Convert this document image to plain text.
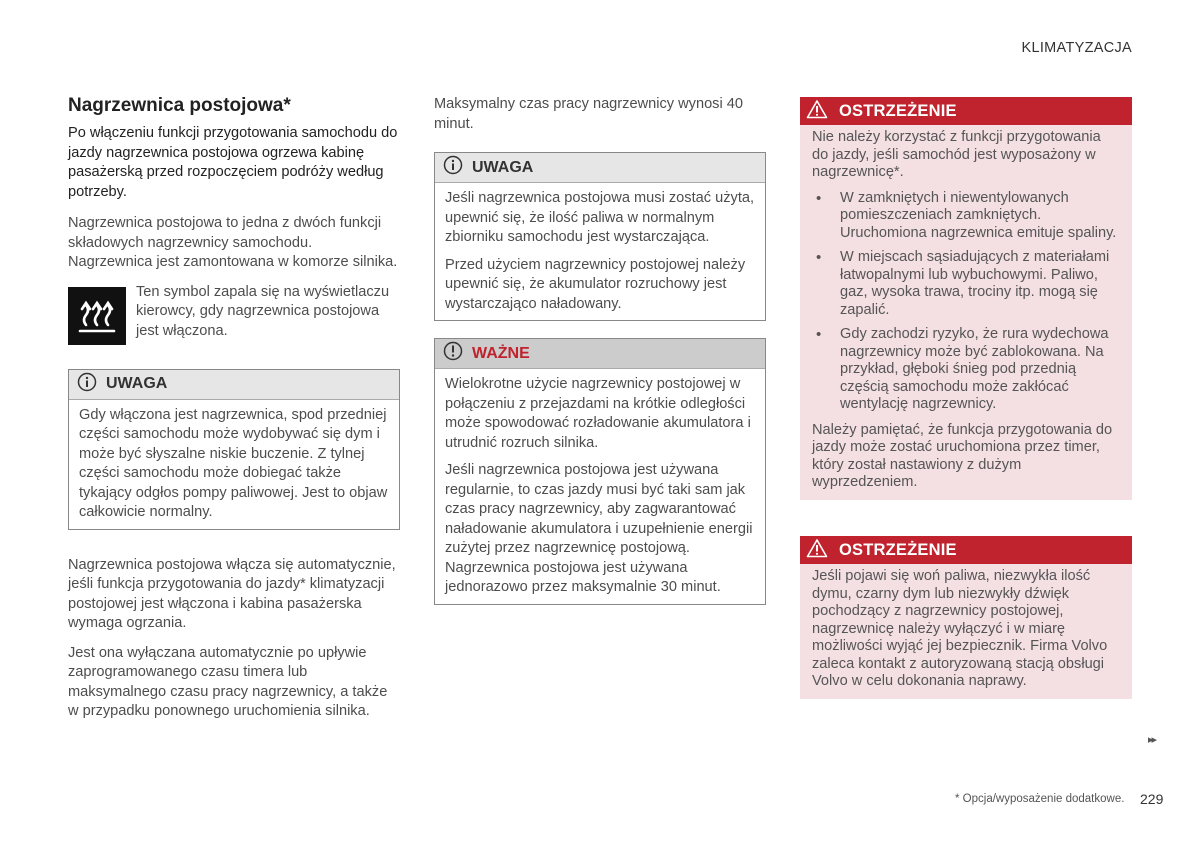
KLIMATYZACJA
Nagrzewnica postojowa*

Po włączeniu funkcji przygotowania samochodu do jazdy nagrzewnica postojowa ogrzewa kabinę pasażerską przed rozpoczęciem podróży według potrzeby.

Nagrzewnica postojowa to jedna z dwóch funkcji składowych nagrzewnicy samochodu. Nagrzewnica jest zamontowana w komorze silnika.

Ten symbol zapala się na wyświetlaczu kierowcy, gdy nagrzewnica postojowa jest włączona.

UWAGA

Gdy włączona jest nagrzewnica, spod przedniej części samochodu może wydobywać się dym i może być słyszalne niskie buczenie. Z tylnej części samochodu może dobiegać także tykający odgłos pompy paliwowej. Jest to objaw całkowicie normalny.

Nagrzewnica postojowa włącza się automatycznie, jeśli funkcja przygotowania do jazdy* klimatyzacji postojowej jest włączona i kabina pasażerska wymaga ogrzania.

Jest ona wyłączana automatycznie po upływie zaprogramowanego czasu timera lub maksymalnego czasu pracy nagrzewnicy, a także w przypadku ponownego uruchomienia silnika.

Maksymalny czas pracy nagrzewnicy wynosi 40 minut.

UWAGA

Jeśli nagrzewnica postojowa musi zostać użyta, upewnić się, że ilość paliwa w normalnym zbiorniku samochodu jest wystarczająca.

Przed użyciem nagrzewnicy postojowej należy upewnić się, że akumulator rozruchowy jest wystarczająco naładowany.

WAŻNE

Wielokrotne użycie nagrzewnicy postojowej w połączeniu z przejazdami na krótkie odległości może spowodować rozładowanie akumulatora i utrudnić rozruch silnika.

Jeśli nagrzewnica postojowa jest używana regularnie, to czas jazdy musi być taki sam jak czas pracy nagrzewnicy, aby zagwarantować naładowanie akumulatora i uzupełnienie energii zużytej przez nagrzewnicę postojową. Nagrzewnica postojowa jest używana jednorazowo przez maksymalnie 30 minut.

OSTRZEŻENIE

Nie należy korzystać z funkcji przygotowania do jazdy, jeśli samochód jest wyposażony w nagrzewnicę*.

• W zamkniętych i niewentylowanych pomieszczeniach zamkniętych. Uruchomiona nagrzewnica emituje spaliny.

• W miejscach sąsiadujących z materiałami łatwopalnymi lub wybuchowymi. Paliwo, gaz, wysoka trawa, trociny itp. mogą się zapalić.

• Gdy zachodzi ryzyko, że rura wydechowa nagrzewnicy może być zablokowana. Na przykład, głęboki śnieg pod przednią częścią samochodu może zakłócać wentylację nagrzewnicy.

Należy pamiętać, że funkcja przygotowania do jazdy może zostać uruchomiona przez timer, który został nastawiony z dużym wyprzedzeniem.

OSTRZEŻENIE

Jeśli pojawi się woń paliwa, niezwykła ilość dymu, czarny dym lub niezwykły dźwięk pochodzący z nagrzewnicy postojowej, nagrzewnicę należy wyłączyć i w miarę możliwości wyjąć jej bezpiecznik. Firma Volvo zaleca kontakt z autoryzowaną stacją obsługi Volvo w celu dokonania naprawy.

▸▸
* Opcja/wyposażenie dodatkowe. 229
